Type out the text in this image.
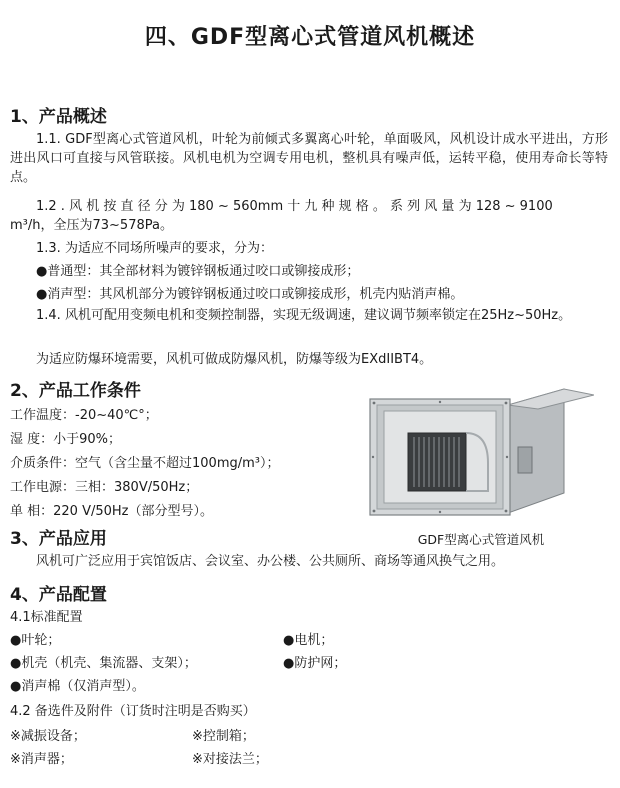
四、GDF型离心式管道风机概述
1、产品概述
1.1. GDF型离心式管道风机，叶轮为前倾式多翼离心叶轮，单面吸风，风机设计成水平进出，方形进出风口可直接与风管联接。风机电机为空调专用电机，整机具有噪声低，运转平稳，使用寿命长等特点。
1.2 . 风 机 按 直 径 分 为 180 ~ 560mm 十 九 种 规 格 。 系 列 风 量 为 128 ~ 9100
m³/h，全压为73~578Pa。
1.3. 为适应不同场所噪声的要求，分为：
●普通型：其全部材料为镀锌钢板通过咬口或铆接成形；
●消声型：其风机部分为镀锌钢板通过咬口或铆接成形，机壳内贴消声棉。
1.4. 风机可配用变频电机和变频控制器，实现无级调速，建议调节频率锁定在25Hz~50Hz。
为适应防爆环境需要，风机可做成防爆风机，防爆等级为EXdIIBT4。
2、产品工作条件
工作温度：-20~40℃°；
湿 度：小于90%；
介质条件：空气（含尘量不超过100mg/m³）；
工作电源：三相：380V/50Hz；
单 相：220 V/50Hz（部分型号）。
GDF型离心式管道风机
3、产品应用
风机可广泛应用于宾馆饭店、会议室、办公楼、公共厕所、商场等通风换气之用。
4、产品配置
4.1标准配置
●叶轮；	●电机；
●机壳（机壳、集流器、支架）；	●防护网；
●消声棉（仅消声型）。
4.2 备选件及附件（订货时注明是否购买）
※减振设备；	※控制箱；
※消声器；	※对接法兰；
